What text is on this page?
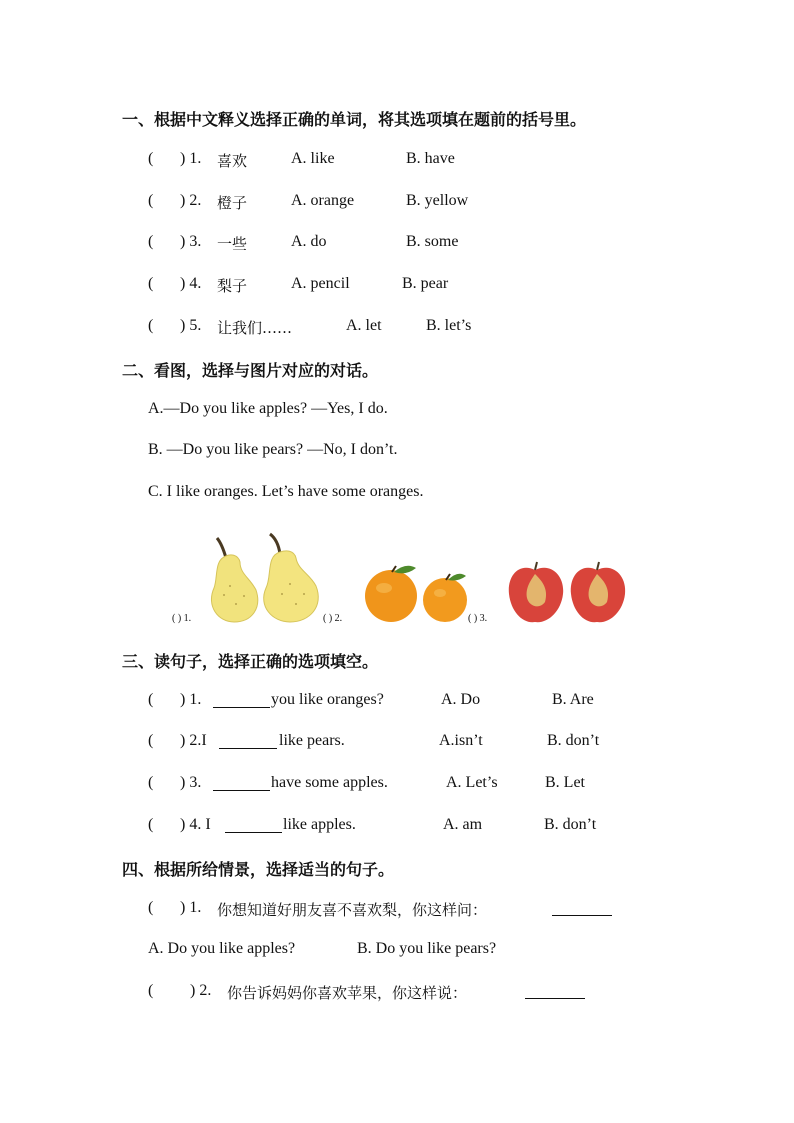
一、根据中文释义选择正确的单词，将其选项填在题前的括号里。
( ) 1. 喜欢	A. like	B. have
( ) 2. 橙子	A. orange	B. yellow
( ) 3. 一些	A. do	B. some
( ) 4. 梨子	A. pencil	B. pear
( ) 5. 让我们……	A. let	B. let’s
二、看图，选择与图片对应的对话。
A.—Do you like apples? —Yes, I do.
B. —Do you like pears? —No, I don’t.
C. I like oranges. Let’s have some oranges.
( ) 1.	( ) 2.	( ) 3.
三、读句子，选择正确的选项填空。
( ) 1.	you like oranges?	A. Do	B. Are
( ) 2.I	like pears.	A.isn’t	B. don’t
( ) 3.	have some apples.	A. Let’s	B. Let
( ) 4. I	like apples.	A. am	B. don’t
四、根据所给情景，选择适当的句子。
( ) 1. 你想知道好朋友喜不喜欢梨，你这样问：
A. Do you like apples?	B. Do you like pears?
( ) 2. 你告诉妈妈你喜欢苹果，你这样说：
